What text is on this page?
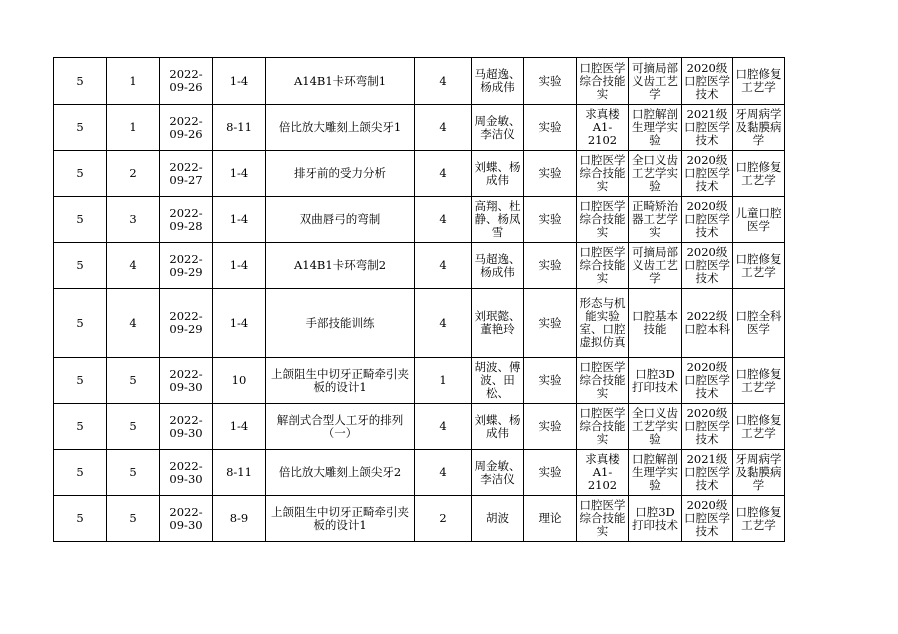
5	1	2022-09-26	1-4	A14B1卡环弯制1	4	马超逸、杨成伟	实验	口腔医学综合技能实	可摘局部义齿工艺学	2020级口腔医学技术	口腔修复工艺学

5	1	2022-09-26	8-11	倍比放大雕刻上颌尖牙1	4	周金敏、李洁仪	实验	求真楼A1-2102	口腔解剖生理学实验	2021级口腔医学技术	牙周病学及黏膜病学

5	2	2022-09-27	1-4	排牙前的受力分析	4	刘蝶、杨成伟	实验	口腔医学综合技能实	全口义齿工艺学实验	2020级口腔医学技术	口腔修复工艺学

5	3	2022-09-28	1-4	双曲唇弓的弯制	4	高翔、杜静、杨凤雪	实验	口腔医学综合技能实	正畸矫治器工艺学实	2020级口腔医学技术	儿童口腔医学

5	4	2022-09-29	1-4	A14B1卡环弯制2	4	马超逸、杨成伟	实验	口腔医学综合技能实	可摘局部义齿工艺学	2020级口腔医学技术	口腔修复工艺学

5	4	2022-09-29	1-4	手部技能训练	4	刘珉懿、董艳玲	实验	形态与机能实验室、口腔虚拟仿真	口腔基本技能	2022级口腔本科	口腔全科医学

5	5	2022-09-30	10	上颌阻生中切牙正畸牵引夹板的设计1	1	胡波、傅波、田松、	实验	口腔医学综合技能实	口腔3D打印技术	2020级口腔医学技术	口腔修复工艺学

5	5	2022-09-30	1-4	解剖式合型人工牙的排列（一）	4	刘蝶、杨成伟	实验	口腔医学综合技能实	全口义齿工艺学实验	2020级口腔医学技术	口腔修复工艺学

5	5	2022-09-30	8-11	倍比放大雕刻上颌尖牙2	4	周金敏、李洁仪	实验	求真楼A1-2102	口腔解剖生理学实验	2021级口腔医学技术	牙周病学及黏膜病学

5	5	2022-09-30	8-9	上颌阻生中切牙正畸牵引夹板的设计1	2	胡波	理论	口腔医学综合技能实	口腔3D打印技术	2020级口腔医学技术	口腔修复工艺学
